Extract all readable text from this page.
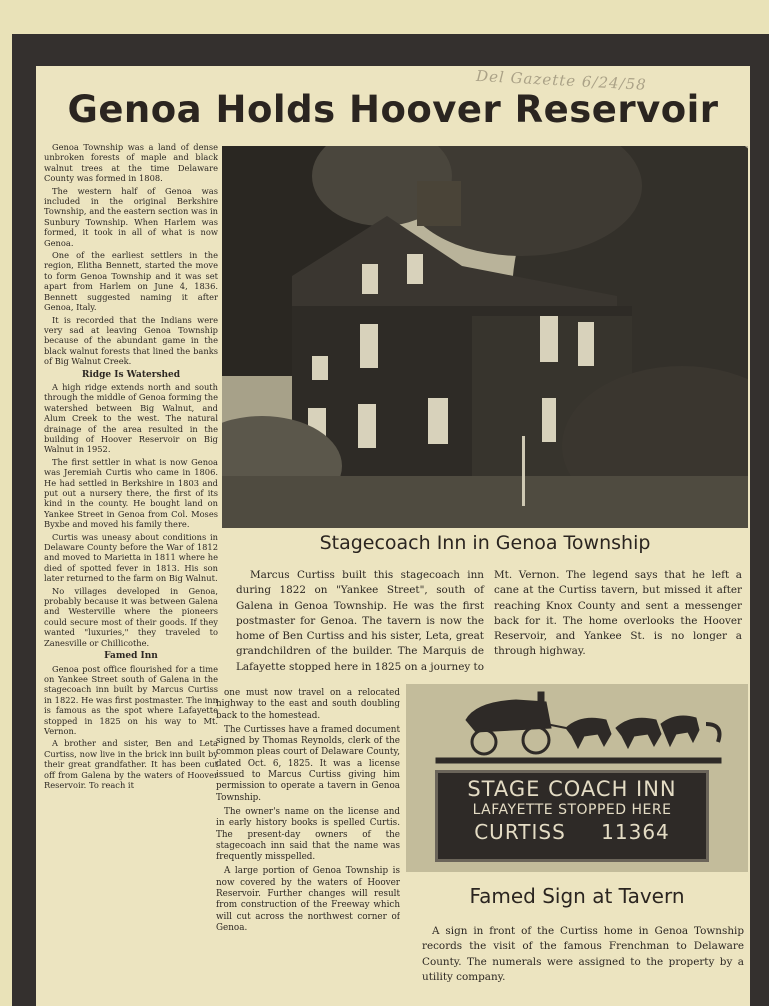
Del Gazette 6/24/58
Genoa Holds Hoover Reservoir

Genoa Township was a land of dense unbroken forests of maple and black walnut trees at the time Delaware County was formed in 1808.

The western half of Genoa was included in the original Berkshire Township, and the eastern section was in Sunbury Township. When Harlem was formed, it took in all of what is now Genoa.

One of the earliest settlers in the region, Elitha Bennett, started the move to form Genoa Township and it was set apart from Harlem on June 4, 1836. Bennett suggested naming it after Genoa, Italy.

It is recorded that the Indians were very sad at leaving Genoa Township because of the abundant game in the black walnut forests that lined the banks of Big Walnut Creek.

Ridge Is Watershed

A high ridge extends north and south through the middle of Genoa forming the watershed between Big Walnut, and Alum Creek to the west. The natural drainage of the area resulted in the building of Hoover Reservoir on Big Walnut in 1952.

The first settler in what is now Genoa was Jeremiah Curtis who came in 1806. He had settled in Berkshire in 1803 and put out a nursery there, the first of its kind in the county. He bought land on Yankee Street in Genoa from Col. Moses Byxbe and moved his family there.

Curtis was uneasy about conditions in Delaware County before the War of 1812 and moved to Marietta in 1811 where he died of spotted fever in 1813. His son later returned to the farm on Big Walnut.

No villages developed in Genoa, probably because it was between Galena and Westerville where the pioneers could secure most of their goods. If they wanted "luxuries," they traveled to Zanesville or Chillicothe.

Famed Inn

Genoa post office flourished for a time on Yankee Street south of Galena in the stagecoach inn built by Marcus Curtiss in 1822. He was first postmaster. The inn is famous as the spot where Lafayette stopped in 1825 on his way to Mt. Vernon.

A brother and sister, Ben and Leta Curtiss, now live in the brick inn built by their great grandfather. It has been cut off from Galena by the waters of Hoover Reservoir. To reach it

Stagecoach Inn in Genoa Township

Marcus Curtiss built this stagecoach inn during 1822 on "Yankee Street", south of Galena in Genoa Township. He was the first postmaster for Genoa. The tavern is now the home of Ben Curtiss and his sister, Leta, great grandchildren of the builder. The Marquis de Lafayette stopped here in 1825 on a journey to Mt. Vernon. The legend says that he left a cane at the Curtiss tavern, but missed it after reaching Knox County and sent a messenger back for it. The home overlooks the Hoover Reservoir, and Yankee St. is no longer a through highway.

one must now travel on a relocated highway to the east and south doubling back to the homestead.

The Curtisses have a framed document signed by Thomas Reynolds, clerk of the common pleas court of Delaware County, dated Oct. 6, 1825. It was a license issued to Marcus Curtiss giving him permission to operate a tavern in Genoa Township.

The owner's name on the license and in early history books is spelled Curtis. The present-day owners of the stagecoach inn said that the name was frequently misspelled.

A large portion of Genoa Township is now covered by the waters of Hoover Reservoir. Further changes will result from construction of the Freeway which will cut across the northwest corner of Genoa.

STAGE COACH INN
LAFAYETTE STOPPED HERE
CURTISS 11364
Famed Sign at Tavern

A sign in front of the Curtiss home in Genoa Township records the visit of the famous Frenchman to Delaware County. The numerals were assigned to the property by a utility company.
